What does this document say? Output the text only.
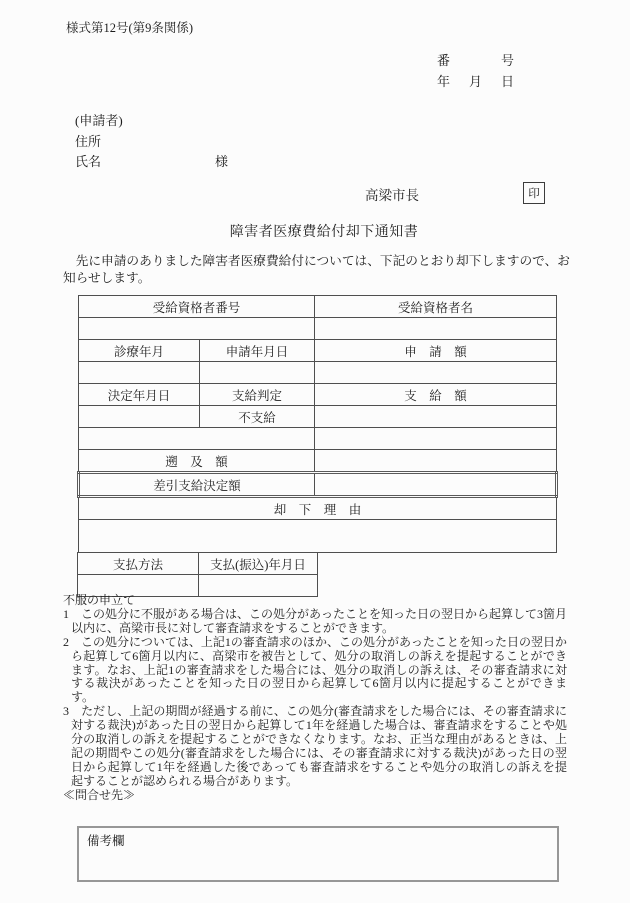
様式第12号(第9条関係)
番	号
年 月 日
(申請者)
住所
氏名	様
高梁市長	印
障害者医療費給付却下通知書

　先に申請のありました障害者医療費給付については、下記のとおり却下しますので、お知らせします。

受給資格者番号		受給資格者名

診療年月	申請年月日	申　請　額

決定年月日	支給判定	支　給　額
	不支給	

遡　及　額		
差引支給決定額		
却　下　理　由		

支払方法	支払(振込)年月日

不服の申立て
1　この処分に不服がある場合は、この処分があったことを知った日の翌日から起算して3箇月以内に、高梁市長に対して審査請求をすることができます。
2　この処分については、上記1の審査請求のほか、この処分があったことを知った日の翌日から起算して6箇月以内に、高梁市を被告として、処分の取消しの訴えを提起することができます。なお、上記1の審査請求をした場合には、処分の取消しの訴えは、その審査請求に対する裁決があったことを知った日の翌日から起算して6箇月以内に提起することができます。
3　ただし、上記の期間が経過する前に、この処分(審査請求をした場合には、その審査請求に対する裁決)があった日の翌日から起算して1年を経過した場合は、審査請求をすることや処分の取消しの訴えを提起することができなくなります。なお、正当な理由があるときは、上記の期間やこの処分(審査請求をした場合には、その審査請求に対する裁決)があった日の翌日から起算して1年を経過した後であっても審査請求をすることや処分の取消しの訴えを提起することが認められる場合があります。
≪問合せ先≫
備考欄
